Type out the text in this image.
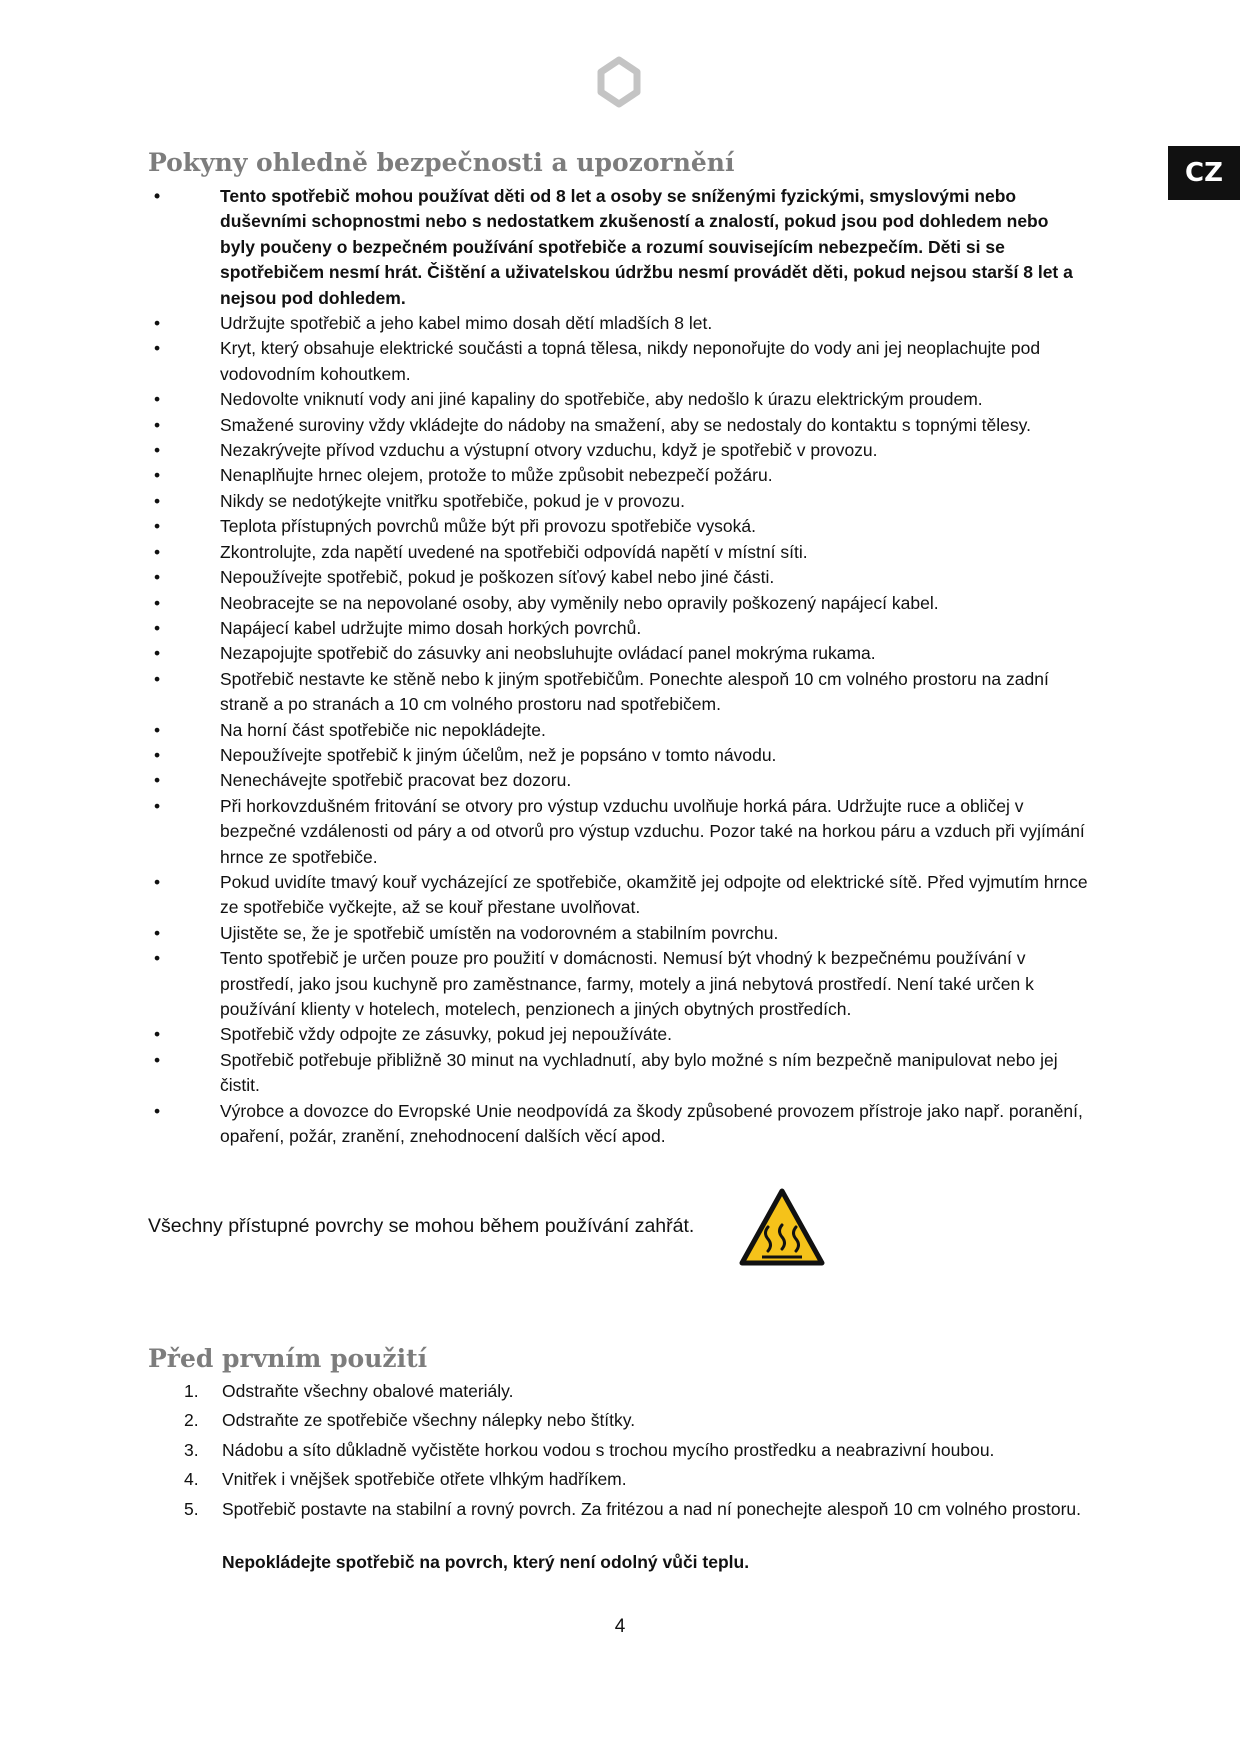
CZ
Pokyny ohledně bezpečnosti a upozornění
• Tento spotřebič mohou používat děti od 8 let a osoby se sníženými fyzickými, smyslovými nebo duševními schopnostmi nebo s nedostatkem zkušeností a znalostí, pokud jsou pod dohledem nebo byly poučeny o bezpečném používání spotřebiče a rozumí souvisejícím nebezpečím. Děti si se spotřebičem nesmí hrát. Čištění a uživatelskou údržbu nesmí provádět děti, pokud nejsou starší 8 let a nejsou pod dohledem.
• Udržujte spotřebič a jeho kabel mimo dosah dětí mladších 8 let.
• Kryt, který obsahuje elektrické součásti a topná tělesa, nikdy neponořujte do vody ani jej neoplachujte pod vodovodním kohoutkem.
• Nedovolte vniknutí vody ani jiné kapaliny do spotřebiče, aby nedošlo k úrazu elektrickým proudem.
• Smažené suroviny vždy vkládejte do nádoby na smažení, aby se nedostaly do kontaktu s topnými tělesy.
• Nezakrývejte přívod vzduchu a výstupní otvory vzduchu, když je spotřebič v provozu.
• Nenaplňujte hrnec olejem, protože to může způsobit nebezpečí požáru.
• Nikdy se nedotýkejte vnitřku spotřebiče, pokud je v provozu.
• Teplota přístupných povrchů může být při provozu spotřebiče vysoká.
• Zkontrolujte, zda napětí uvedené na spotřebiči odpovídá napětí v místní síti.
• Nepoužívejte spotřebič, pokud je poškozen síťový kabel nebo jiné části.
• Neobracejte se na nepovolané osoby, aby vyměnily nebo opravily poškozený napájecí kabel.
• Napájecí kabel udržujte mimo dosah horkých povrchů.
• Nezapojujte spotřebič do zásuvky ani neobsluhujte ovládací panel mokrýma rukama.
• Spotřebič nestavte ke stěně nebo k jiným spotřebičům. Ponechte alespoň 10 cm volného prostoru na zadní straně a po stranách a 10 cm volného prostoru nad spotřebičem.
• Na horní část spotřebiče nic nepokládejte.
• Nepoužívejte spotřebič k jiným účelům, než je popsáno v tomto návodu.
• Nenechávejte spotřebič pracovat bez dozoru.
• Při horkovzdušném fritování se otvory pro výstup vzduchu uvolňuje horká pára. Udržujte ruce a obličej v bezpečné vzdálenosti od páry a od otvorů pro výstup vzduchu. Pozor také na horkou páru a vzduch při vyjímání hrnce ze spotřebiče.
• Pokud uvidíte tmavý kouř vycházející ze spotřebiče, okamžitě jej odpojte od elektrické sítě. Před vyjmutím hrnce ze spotřebiče vyčkejte, až se kouř přestane uvolňovat.
• Ujistěte se, že je spotřebič umístěn na vodorovném a stabilním povrchu.
• Tento spotřebič je určen pouze pro použití v domácnosti. Nemusí být vhodný k bezpečnému používání v prostředí, jako jsou kuchyně pro zaměstnance, farmy, motely a jiná nebytová prostředí. Není také určen k používání klienty v hotelech, motelech, penzionech a jiných obytných prostředích.
• Spotřebič vždy odpojte ze zásuvky, pokud jej nepoužíváte.
• Spotřebič potřebuje přibližně 30 minut na vychladnutí, aby bylo možné s ním bezpečně manipulovat nebo jej čistit.
• Výrobce a dovozce do Evropské Unie neodpovídá za škody způsobené provozem přístroje jako např. poranění, opaření, požár, zranění, znehodnocení dalších věcí apod.
Všechny přístupné povrchy se mohou během používání zahřát.
Před prvním použití
1. Odstraňte všechny obalové materiály.
2. Odstraňte ze spotřebiče všechny nálepky nebo štítky.
3. Nádobu a síto důkladně vyčistěte horkou vodou s trochou mycího prostředku a neabrazivní houbou.
4. Vnitřek i vnějšek spotřebiče otřete vlhkým hadříkem.
5. Spotřebič postavte na stabilní a rovný povrch. Za fritézou a nad ní ponechejte alespoň 10 cm volného prostoru.
Nepokládejte spotřebič na povrch, který není odolný vůči teplu.
4
